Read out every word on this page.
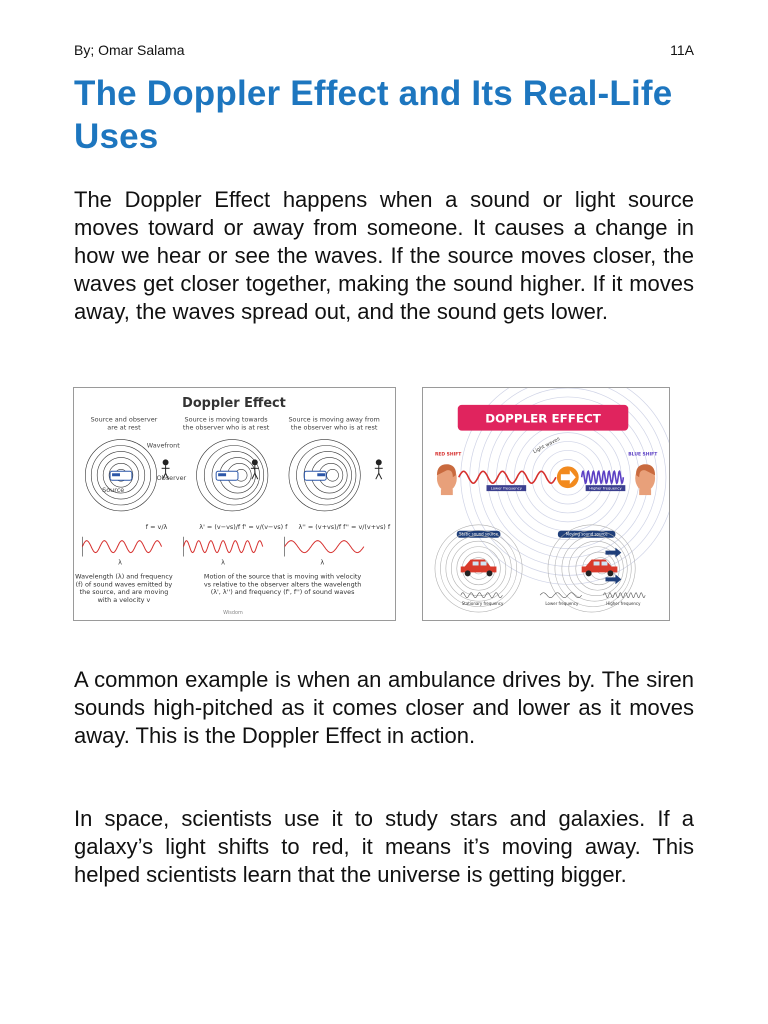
By; Omar Salama	11A
The Doppler Effect and Its Real-Life Uses

The Doppler Effect happens when a sound or light source moves toward or away from someone. It causes a change in how we hear or see the waves. If the source moves closer, the waves get closer together, making the sound higher. If it moves away, the waves spread out, and the sound gets lower.

Doppler Effect
Source and observer
are at rest
Source is moving towards
the observer who is at rest
Source is moving away from
the observer who is at rest
Wavefront
Source
Observer
f = v/λ	λ' = (v−vs)/f f' = v/(v−vs) f λ'' = (v+vs)/f f'' = v/(v+vs) f
λ	λ	λ
Wavelength (λ) and frequency
(f) of sound waves emitted by
the source, and are moving
with a velocity v
Motion of the source that is moving with velocity
vs relative to the observer alters the wavelength
(λ', λ'') and frequency (f', f'') of sound waves
Wisdom
DOPPLER EFFECT
RED SHIFT	BLUE SHIFT
Light waves
Lower frequency	Higher frequency
Static sound source	Moving sound source
Stationary frequency	Lower frequency	Higher frequency

A common example is when an ambulance drives by. The siren sounds high-pitched as it comes closer and lower as it moves away. This is the Doppler Effect in action.

In space, scientists use it to study stars and galaxies. If a galaxy’s light shifts to red, it means it’s moving away. This helped scientists learn that the universe is getting bigger.
